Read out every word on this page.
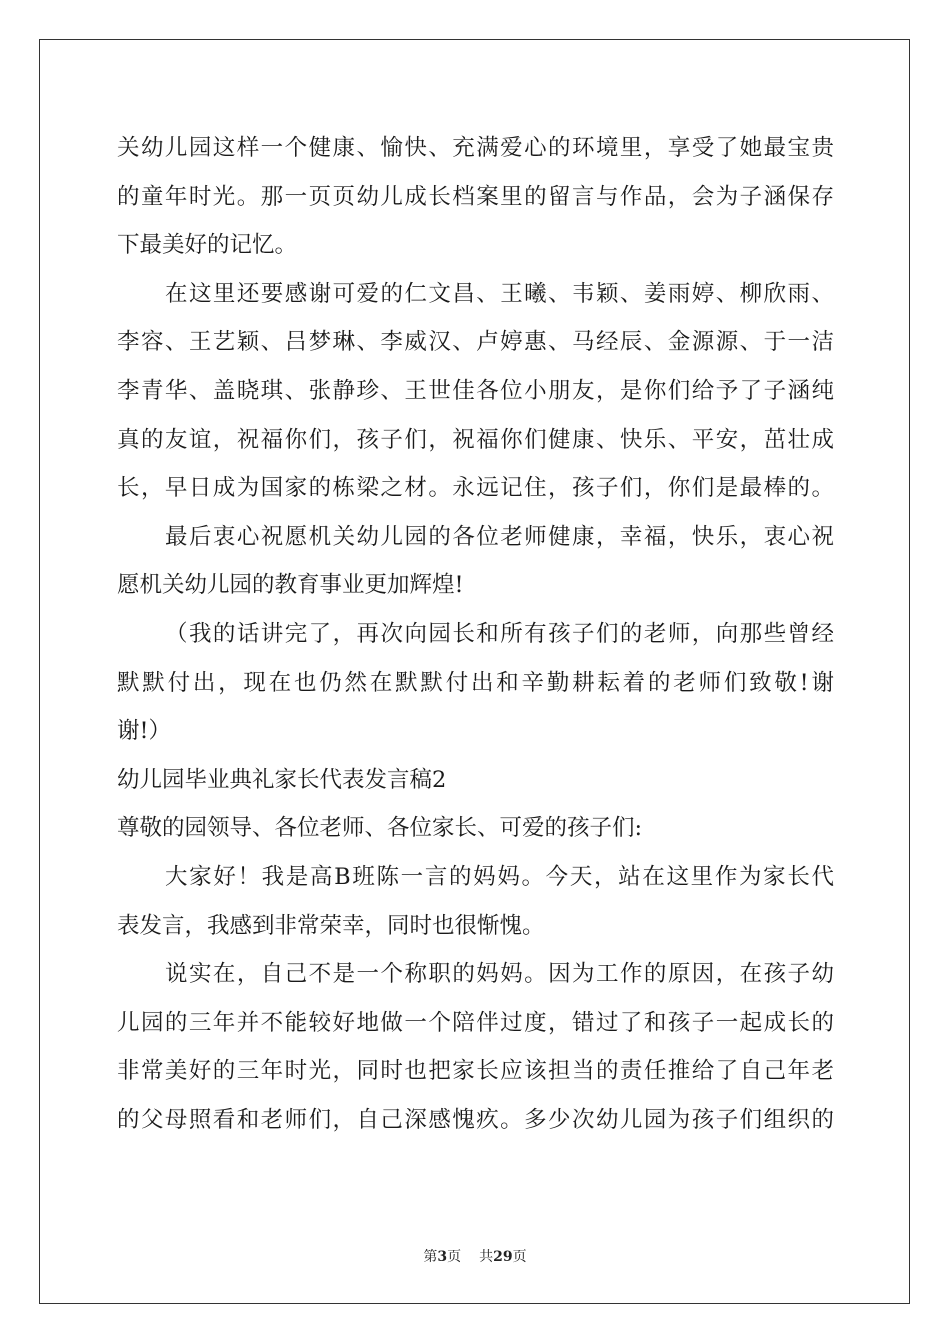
关幼儿园这样一个健康、愉快、充满爱心的环境里，享受了她最宝贵
的童年时光。那一页页幼儿成长档案里的留言与作品，会为子涵保存
下最美好的记忆。
在这里还要感谢可爱的仁文昌、王曦、韦颖、姜雨婷、柳欣雨、
李容、王艺颖、吕梦琳、李威汉、卢婷惠、马经辰、金源源、于一洁
李青华、盖晓琪、张静珍、王世佳各位小朋友，是你们给予了子涵纯
真的友谊，祝福你们，孩子们，祝福你们健康、快乐、平安，茁壮成
长，早日成为国家的栋梁之材。永远记住，孩子们，你们是最棒的。
最后衷心祝愿机关幼儿园的各位老师健康，幸福，快乐，衷心祝
愿机关幼儿园的教育事业更加辉煌!
（我的话讲完了，再次向园长和所有孩子们的老师，向那些曾经
默默付出，现在也仍然在默默付出和辛勤耕耘着的老师们致敬!谢
谢!）
幼儿园毕业典礼家长代表发言稿2
尊敬的园领导、各位老师、各位家长、可爱的孩子们:
大家好！我是高B班陈一言的妈妈。今天，站在这里作为家长代
表发言，我感到非常荣幸，同时也很惭愧。
说实在，自己不是一个称职的妈妈。因为工作的原因，在孩子幼
儿园的三年并不能较好地做一个陪伴过度，错过了和孩子一起成长的
非常美好的三年时光，同时也把家长应该担当的责任推给了自己年老
的父母照看和老师们，自己深感愧疚。多少次幼儿园为孩子们组织的
第3页 共29页
